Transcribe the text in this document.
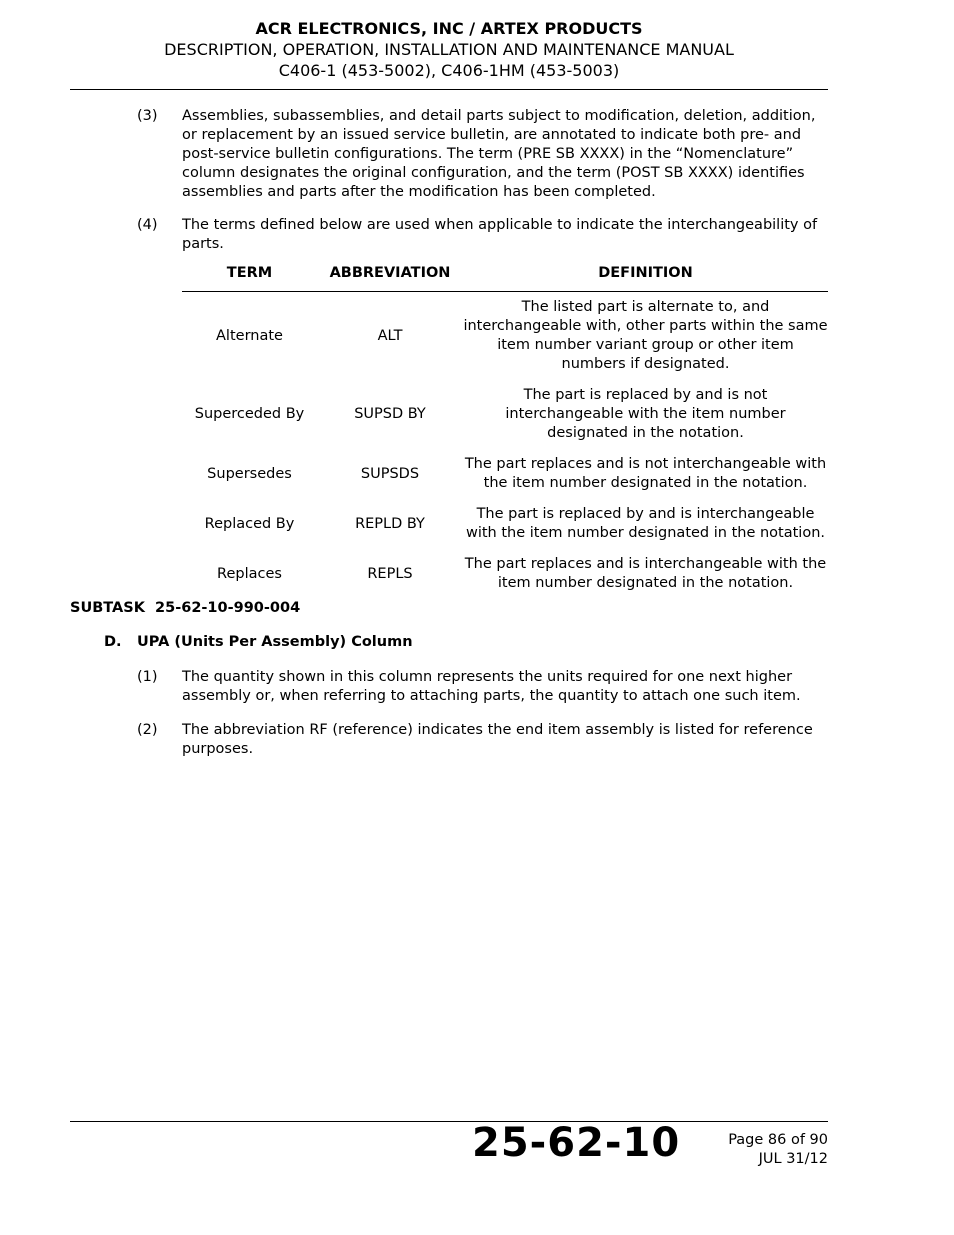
ACR ELECTRONICS, INC / ARTEX PRODUCTS
DESCRIPTION, OPERATION, INSTALLATION AND MAINTENANCE MANUAL
C406-1 (453-5002), C406-1HM (453-5003)
(3) Assemblies, subassemblies, and detail parts subject to modification, deletion, addition, or replacement by an issued service bulletin, are annotated to indicate both pre- and post-service bulletin configurations. The term (PRE SB XXXX) in the “Nomenclature” column designates the original configuration, and the term (POST SB XXXX) identifies assemblies and parts after the modification has been completed.
(4) The terms defined below are used when applicable to indicate the interchangeability of parts.
TERM	ABBREVIATION	DEFINITION
Alternate	ALT	The listed part is alternate to, and interchangeable with, other parts within the same item number variant group or other item numbers if designated.
Superceded By	SUPSD BY	The part is replaced by and is not interchangeable with the item number designated in the notation.
Supersedes	SUPSDS	The part replaces and is not interchangeable with the item number designated in the notation.
Replaced By	REPLD BY	The part is replaced by and is interchangeable with the item number designated in the notation.
Replaces	REPLS	The part replaces and is interchangeable with the item number designated in the notation.
SUBTASK  25-62-10-990-004
D. UPA (Units Per Assembly) Column
(1) The quantity shown in this column represents the units required for one next higher assembly or, when referring to attaching parts, the quantity to attach one such item.
(2) The abbreviation RF (reference) indicates the end item assembly is listed for reference purposes.
25-62-10	Page 86 of 90
JUL 31/12
